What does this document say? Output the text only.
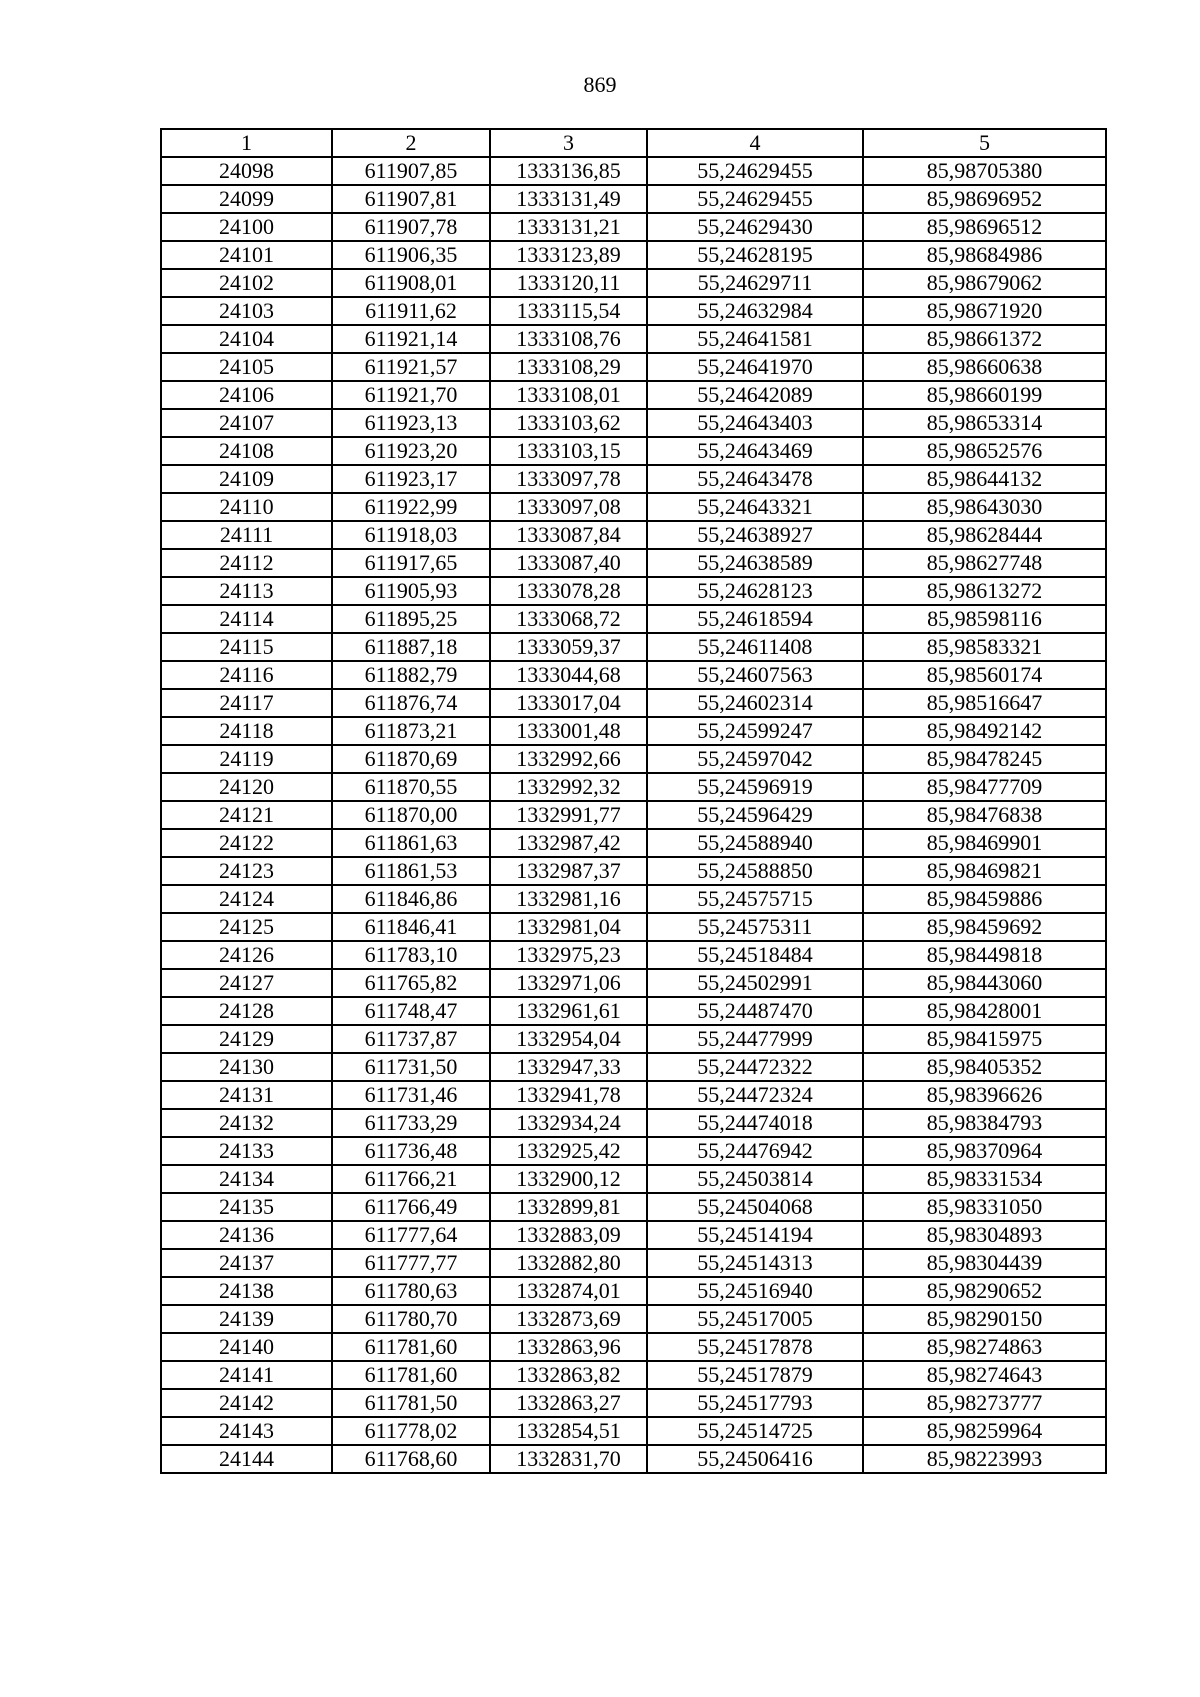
869
1	2	3	4	5
24098	611907,85	1333136,85	55,24629455	85,98705380
24099	611907,81	1333131,49	55,24629455	85,98696952
24100	611907,78	1333131,21	55,24629430	85,98696512
24101	611906,35	1333123,89	55,24628195	85,98684986
24102	611908,01	1333120,11	55,24629711	85,98679062
24103	611911,62	1333115,54	55,24632984	85,98671920
24104	611921,14	1333108,76	55,24641581	85,98661372
24105	611921,57	1333108,29	55,24641970	85,98660638
24106	611921,70	1333108,01	55,24642089	85,98660199
24107	611923,13	1333103,62	55,24643403	85,98653314
24108	611923,20	1333103,15	55,24643469	85,98652576
24109	611923,17	1333097,78	55,24643478	85,98644132
24110	611922,99	1333097,08	55,24643321	85,98643030
24111	611918,03	1333087,84	55,24638927	85,98628444
24112	611917,65	1333087,40	55,24638589	85,98627748
24113	611905,93	1333078,28	55,24628123	85,98613272
24114	611895,25	1333068,72	55,24618594	85,98598116
24115	611887,18	1333059,37	55,24611408	85,98583321
24116	611882,79	1333044,68	55,24607563	85,98560174
24117	611876,74	1333017,04	55,24602314	85,98516647
24118	611873,21	1333001,48	55,24599247	85,98492142
24119	611870,69	1332992,66	55,24597042	85,98478245
24120	611870,55	1332992,32	55,24596919	85,98477709
24121	611870,00	1332991,77	55,24596429	85,98476838
24122	611861,63	1332987,42	55,24588940	85,98469901
24123	611861,53	1332987,37	55,24588850	85,98469821
24124	611846,86	1332981,16	55,24575715	85,98459886
24125	611846,41	1332981,04	55,24575311	85,98459692
24126	611783,10	1332975,23	55,24518484	85,98449818
24127	611765,82	1332971,06	55,24502991	85,98443060
24128	611748,47	1332961,61	55,24487470	85,98428001
24129	611737,87	1332954,04	55,24477999	85,98415975
24130	611731,50	1332947,33	55,24472322	85,98405352
24131	611731,46	1332941,78	55,24472324	85,98396626
24132	611733,29	1332934,24	55,24474018	85,98384793
24133	611736,48	1332925,42	55,24476942	85,98370964
24134	611766,21	1332900,12	55,24503814	85,98331534
24135	611766,49	1332899,81	55,24504068	85,98331050
24136	611777,64	1332883,09	55,24514194	85,98304893
24137	611777,77	1332882,80	55,24514313	85,98304439
24138	611780,63	1332874,01	55,24516940	85,98290652
24139	611780,70	1332873,69	55,24517005	85,98290150
24140	611781,60	1332863,96	55,24517878	85,98274863
24141	611781,60	1332863,82	55,24517879	85,98274643
24142	611781,50	1332863,27	55,24517793	85,98273777
24143	611778,02	1332854,51	55,24514725	85,98259964
24144	611768,60	1332831,70	55,24506416	85,98223993
